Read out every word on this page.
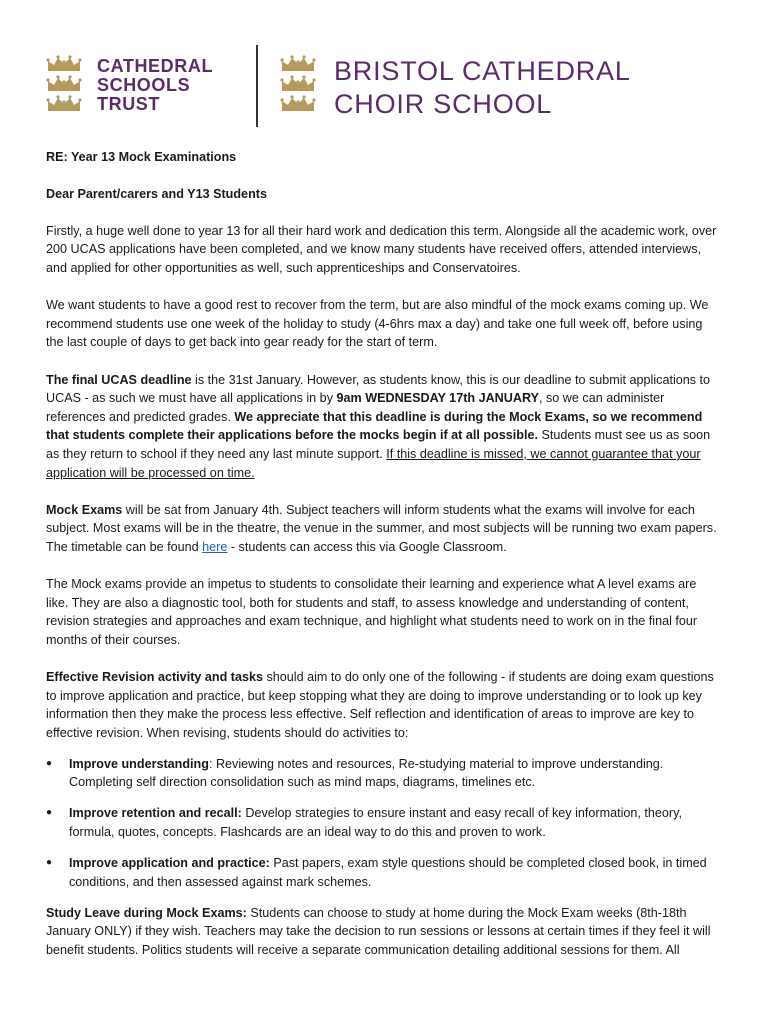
CATHEDRAL
SCHOOLS
TRUST
BRISTOL CATHEDRAL
CHOIR SCHOOL

RE: Year 13 Mock Examinations

Dear Parent/carers and Y13 Students

Firstly, a huge well done to year 13 for all their hard work and dedication this term. Alongside all the academic work, over 200 UCAS applications have been completed, and we know many students have received offers, attended interviews, and applied for other opportunities as well, such apprenticeships and Conservatoires.

We want students to have a good rest to recover from the term, but are also mindful of the mock exams coming up. We recommend students use one week of the holiday to study (4-6hrs max a day) and take one full week off, before using the last couple of days to get back into gear ready for the start of term.

The final UCAS deadline is the 31st January. However, as students know, this is our deadline to submit applications to UCAS - as such we must have all applications in by 9am WEDNESDAY 17th JANUARY, so we can administer references and predicted grades. We appreciate that this deadline is during the Mock Exams, so we recommend that students complete their applications before the mocks begin if at all possible. Students must see us as soon as they return to school if they need any last minute support. If this deadline is missed, we cannot guarantee that your application will be processed on time.

Mock Exams will be sat from January 4th. Subject teachers will inform students what the exams will involve for each subject. Most exams will be in the theatre, the venue in the summer, and most subjects will be running two exam papers. The timetable can be found here - students can access this via Google Classroom.

The Mock exams provide an impetus to students to consolidate their learning and experience what A level exams are like. They are also a diagnostic tool, both for students and staff, to assess knowledge and understanding of content, revision strategies and approaches and exam technique, and highlight what students need to work on in the final four months of their courses.

Effective Revision activity and tasks should aim to do only one of the following - if students are doing exam questions to improve application and practice, but keep stopping what they are doing to improve understanding or to look up key information then they make the process less effective. Self reflection and identification of areas to improve are key to effective revision. When revising, students should do activities to:

● Improve understanding: Reviewing notes and resources, Re-studying material to improve understanding. Completing self direction consolidation such as mind maps, diagrams, timelines etc.
● Improve retention and recall: Develop strategies to ensure instant and easy recall of key information, theory, formula, quotes, concepts. Flashcards are an ideal way to do this and proven to work.
● Improve application and practice: Past papers, exam style questions should be completed closed book, in timed conditions, and then assessed against mark schemes.

Study Leave during Mock Exams: Students can choose to study at home during the Mock Exam weeks (8th-18th January ONLY) if they wish. Teachers may take the decision to run sessions or lessons at certain times if they feel it will benefit students. Politics students will receive a separate communication detailing additional sessions for them. All
